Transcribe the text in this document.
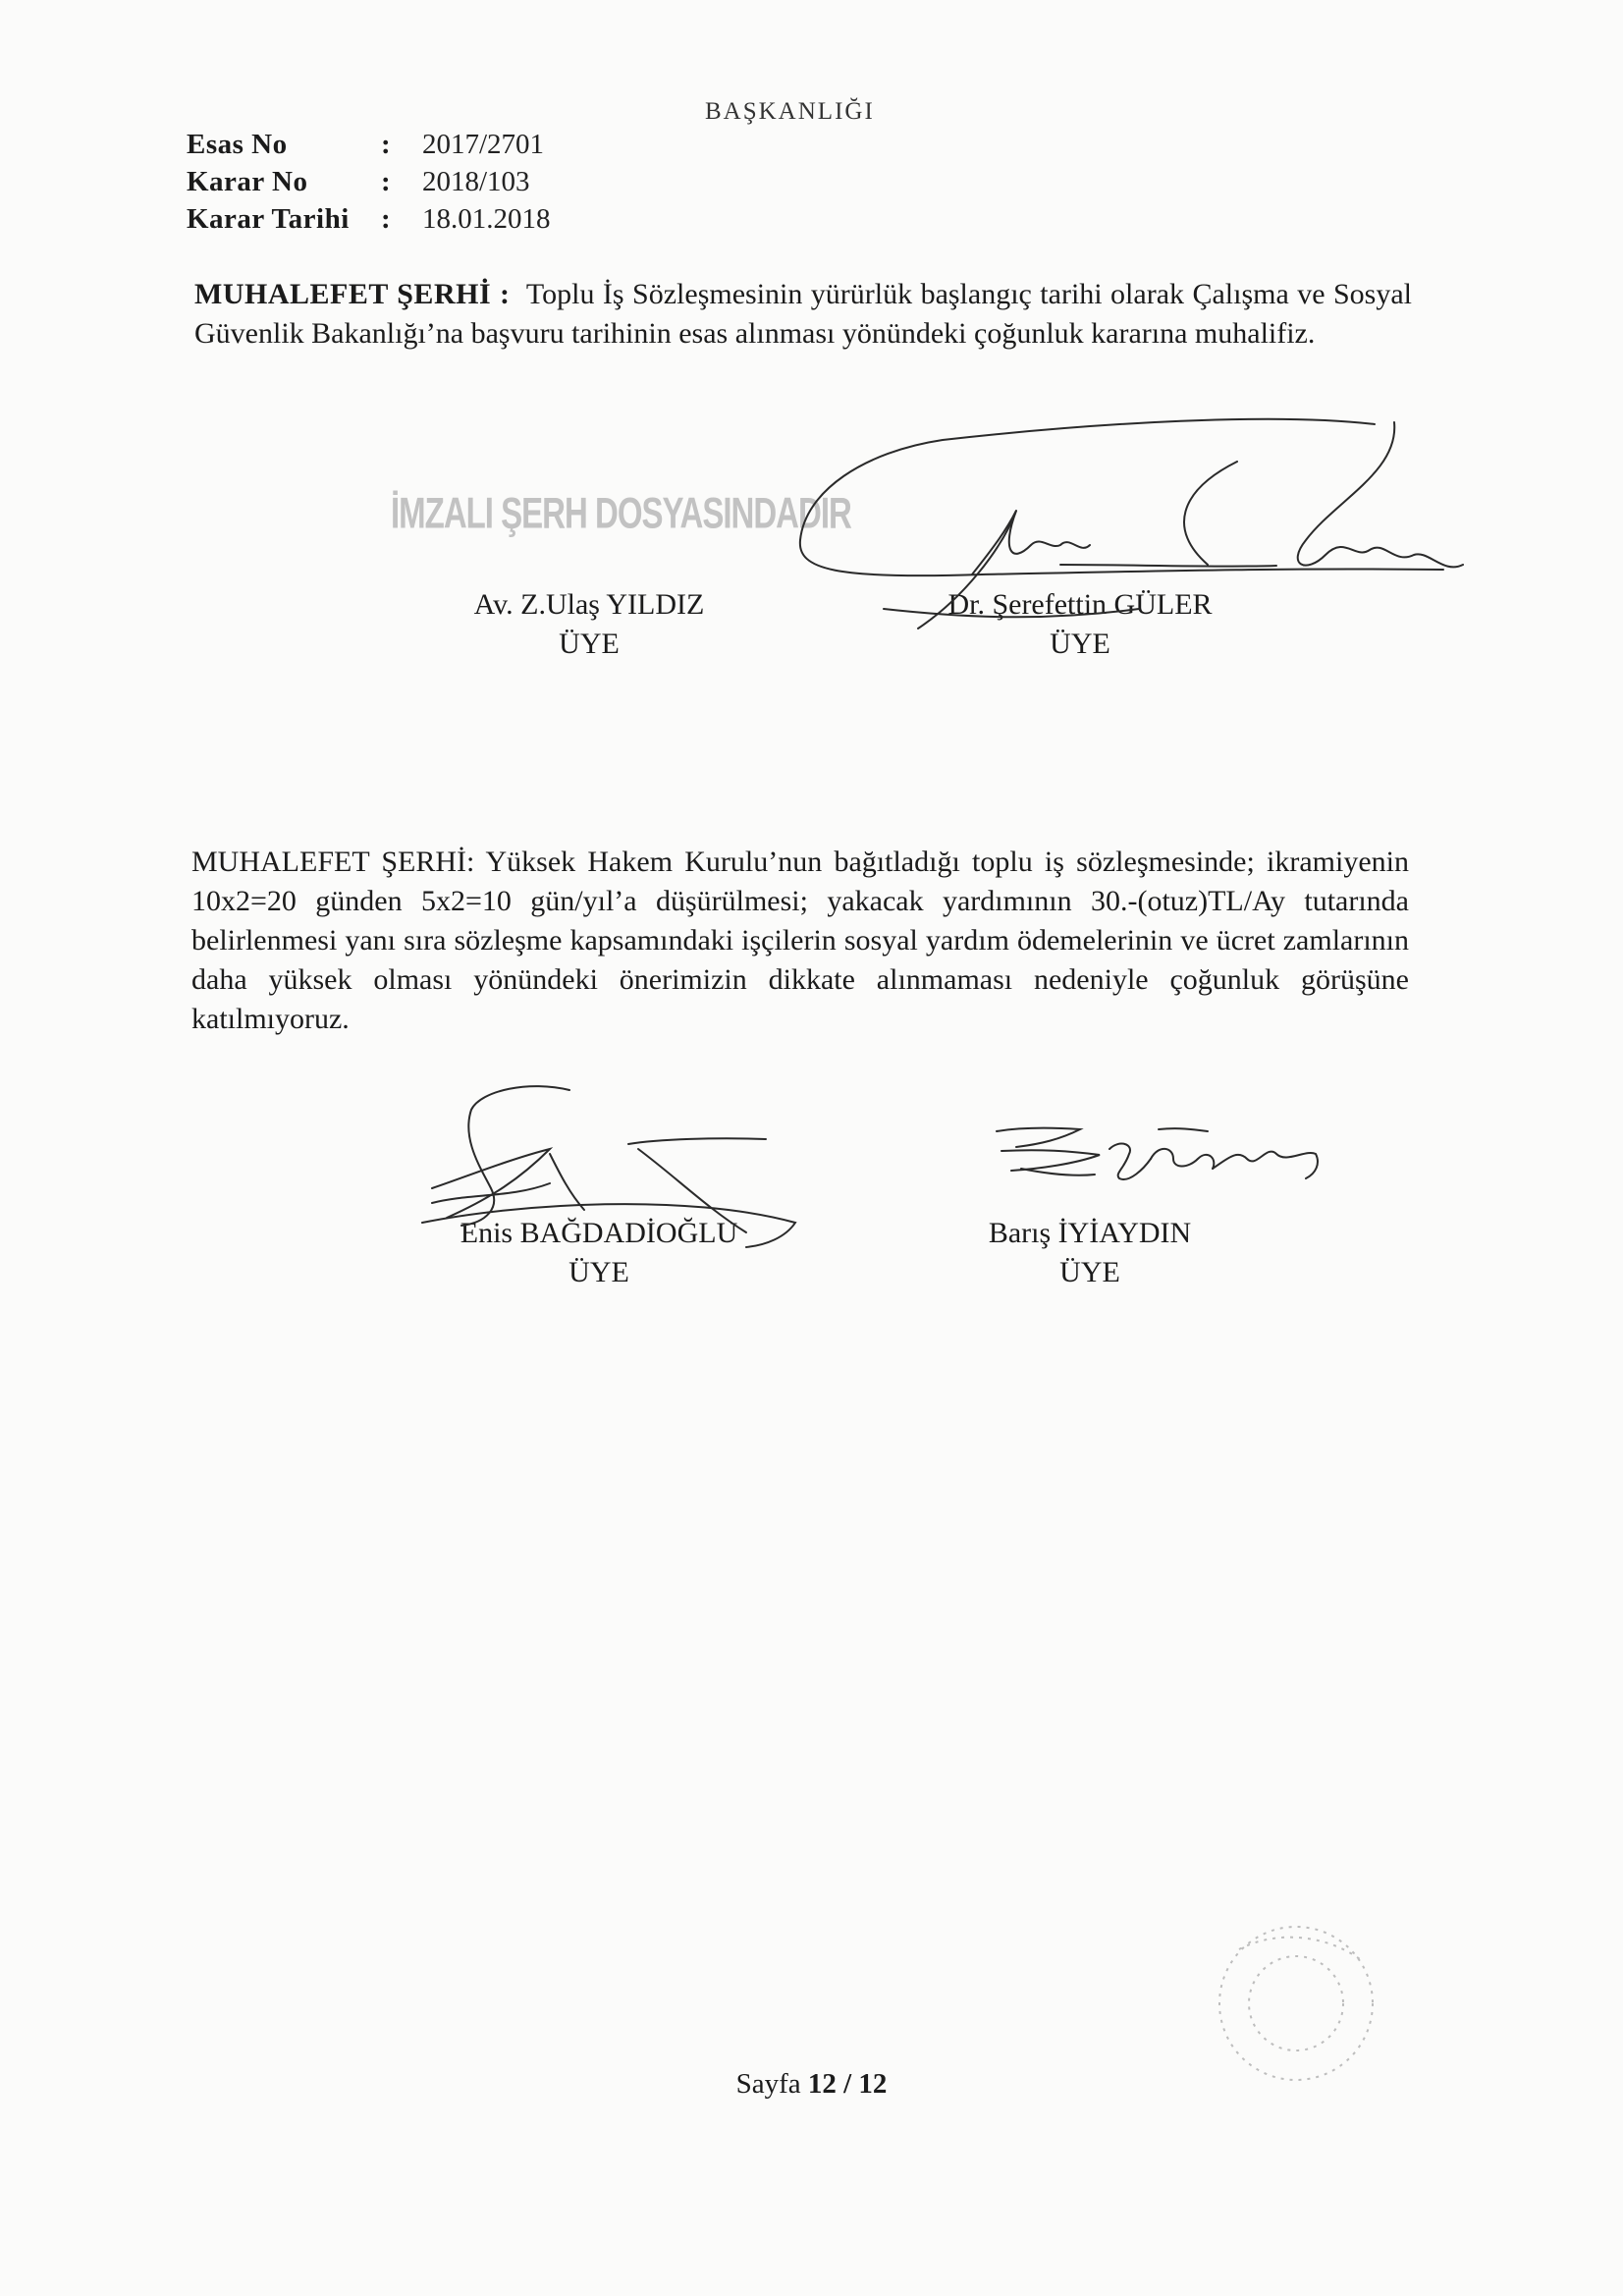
BAŞKANLIĞI
Esas No	:	2017/2701
Karar No	:	2018/103
Karar Tarihi	:	18.01.2018
MUHALEFET ŞERHİ : Toplu İş Sözleşmesinin yürürlük başlangıç tarihi olarak Çalışma ve Sosyal Güvenlik Bakanlığı’na başvuru tarihinin esas alınması yönündeki çoğunluk kararına muhalifiz.
İMZALI ŞERH DOSYASINDADIR
Av. Z.Ulaş YILDIZ
ÜYE
Dr. Şerefettin GÜLER
ÜYE
MUHALEFET ŞERHİ: Yüksek Hakem Kurulu’nun bağıtladığı toplu iş sözleşmesinde; ikramiyenin 10x2=20 günden 5x2=10 gün/yıl’a düşürülmesi; yakacak yardımının 30.-(otuz)TL/Ay tutarında belirlenmesi yanı sıra sözleşme kapsamındaki işçilerin sosyal yardım ödemelerinin ve ücret zamlarının daha yüksek olması yönündeki önerimizin dikkate alınmaması nedeniyle çoğunluk görüşüne katılmıyoruz.
Enis BAĞDADİOĞLU
ÜYE
Barış İYİAYDIN
ÜYE
Sayfa 12 / 12
